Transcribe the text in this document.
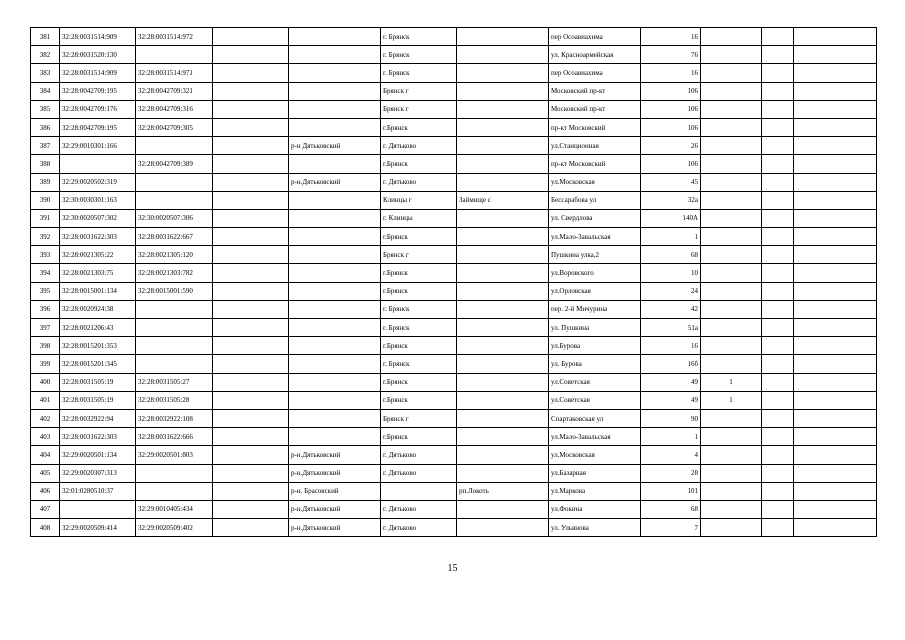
381	32:28:0031514:909	32:28:0031514:972			г. Брянск		пер Осоавиахима	16			
382	32:28:0031520:130				г. Брянск		ул. Красноармейская	76			
383	32:28:0031514:909	32:28:0031514:971			г. Брянск		пер Осоавиахима	16			
384	32:28:0042709:195	32:28:0042709:321			Брянск г		Московский пр-кт	106			
385	32:28:0042709:176	32:28:0042709:316			Брянск г		Московский пр-кт	106			
386	32:28:0042709:195	32:28:0042709:305			г.Брянск		пр-кт Московский	106			
387	32:29:0010301:166			р-н Дятьковский	г. Дятьково		ул.Станционная	26			
388		32:28:0042709:389			г.Брянск		пр-кт Московский	106			
389	32:29:0020502:319			р-н.Дятьковский	г. Дятьково		ул.Московская	45			
390	32:30:0030301:163				Клинцы г	Займище с	Бессарабова ул	32а			
391	32:30:0020507:302	32:30:0020507:306			г. Клинцы		ул. Свердлова	140А			
392	32:28:0031622:303	32:28:0031622:667			г.Брянск		ул.Мало-Завальская	1			
393	32:28:0021305:22	32:28:0021305:120			Брянск г		Пушкина улка,2	68			
394	32:28:0021303:75	32:28:0021303:782			г.Брянск		ул.Воровского	10			
395	32:28:0015001:134	32:28:0015001:590			г.Брянск		ул.Орловская	24			
396	32:28:0020924:38				г. Брянск		пер. 2-й Мичурина	42			
397	32:28:0021206:43				г. Брянск		ул. Пушкина	51а			
398	32:28:0015201:353				г.Брянск		ул.Бурова	16			
399	32:28:0015201:345				г. Брянск		ул. Бурова	16б			
400	32:28:0031505:19	32:28:0031505:27			г.Брянск		ул.Советская	49	1		
401	32:28:0031505:19	32:28:0031505:28			г.Брянск		ул.Советская	49	1		
402	32:28:0032922:94	32:28:0032922:108			Брянск г		Спартаковская ул	90			
403	32:28:0031622:303	32:28:0031622:666			г.Брянск		ул.Мало-Завальская	1			
404	32:29:0020501:134	32:29:0020501:803		р-н.Дятьковский	г. Дятьково		ул.Московская	4			
405	32:29:0020307:313			р-н.Дятьковский	г. Дятьково		ул.Базарная	28			
406	32:01:0280510:37			р-н. Брасовский		рп.Локоть	ул.Маркова	101			
407		32:29:0010405:434		р-н.Дятьковский	г. Дятьково		ул.Фокина	68			
408	32:29:0020509:414	32:29:0020509:402		р-н.Дятьковский	г. Дятьково		ул. Ульянова	7			
15
